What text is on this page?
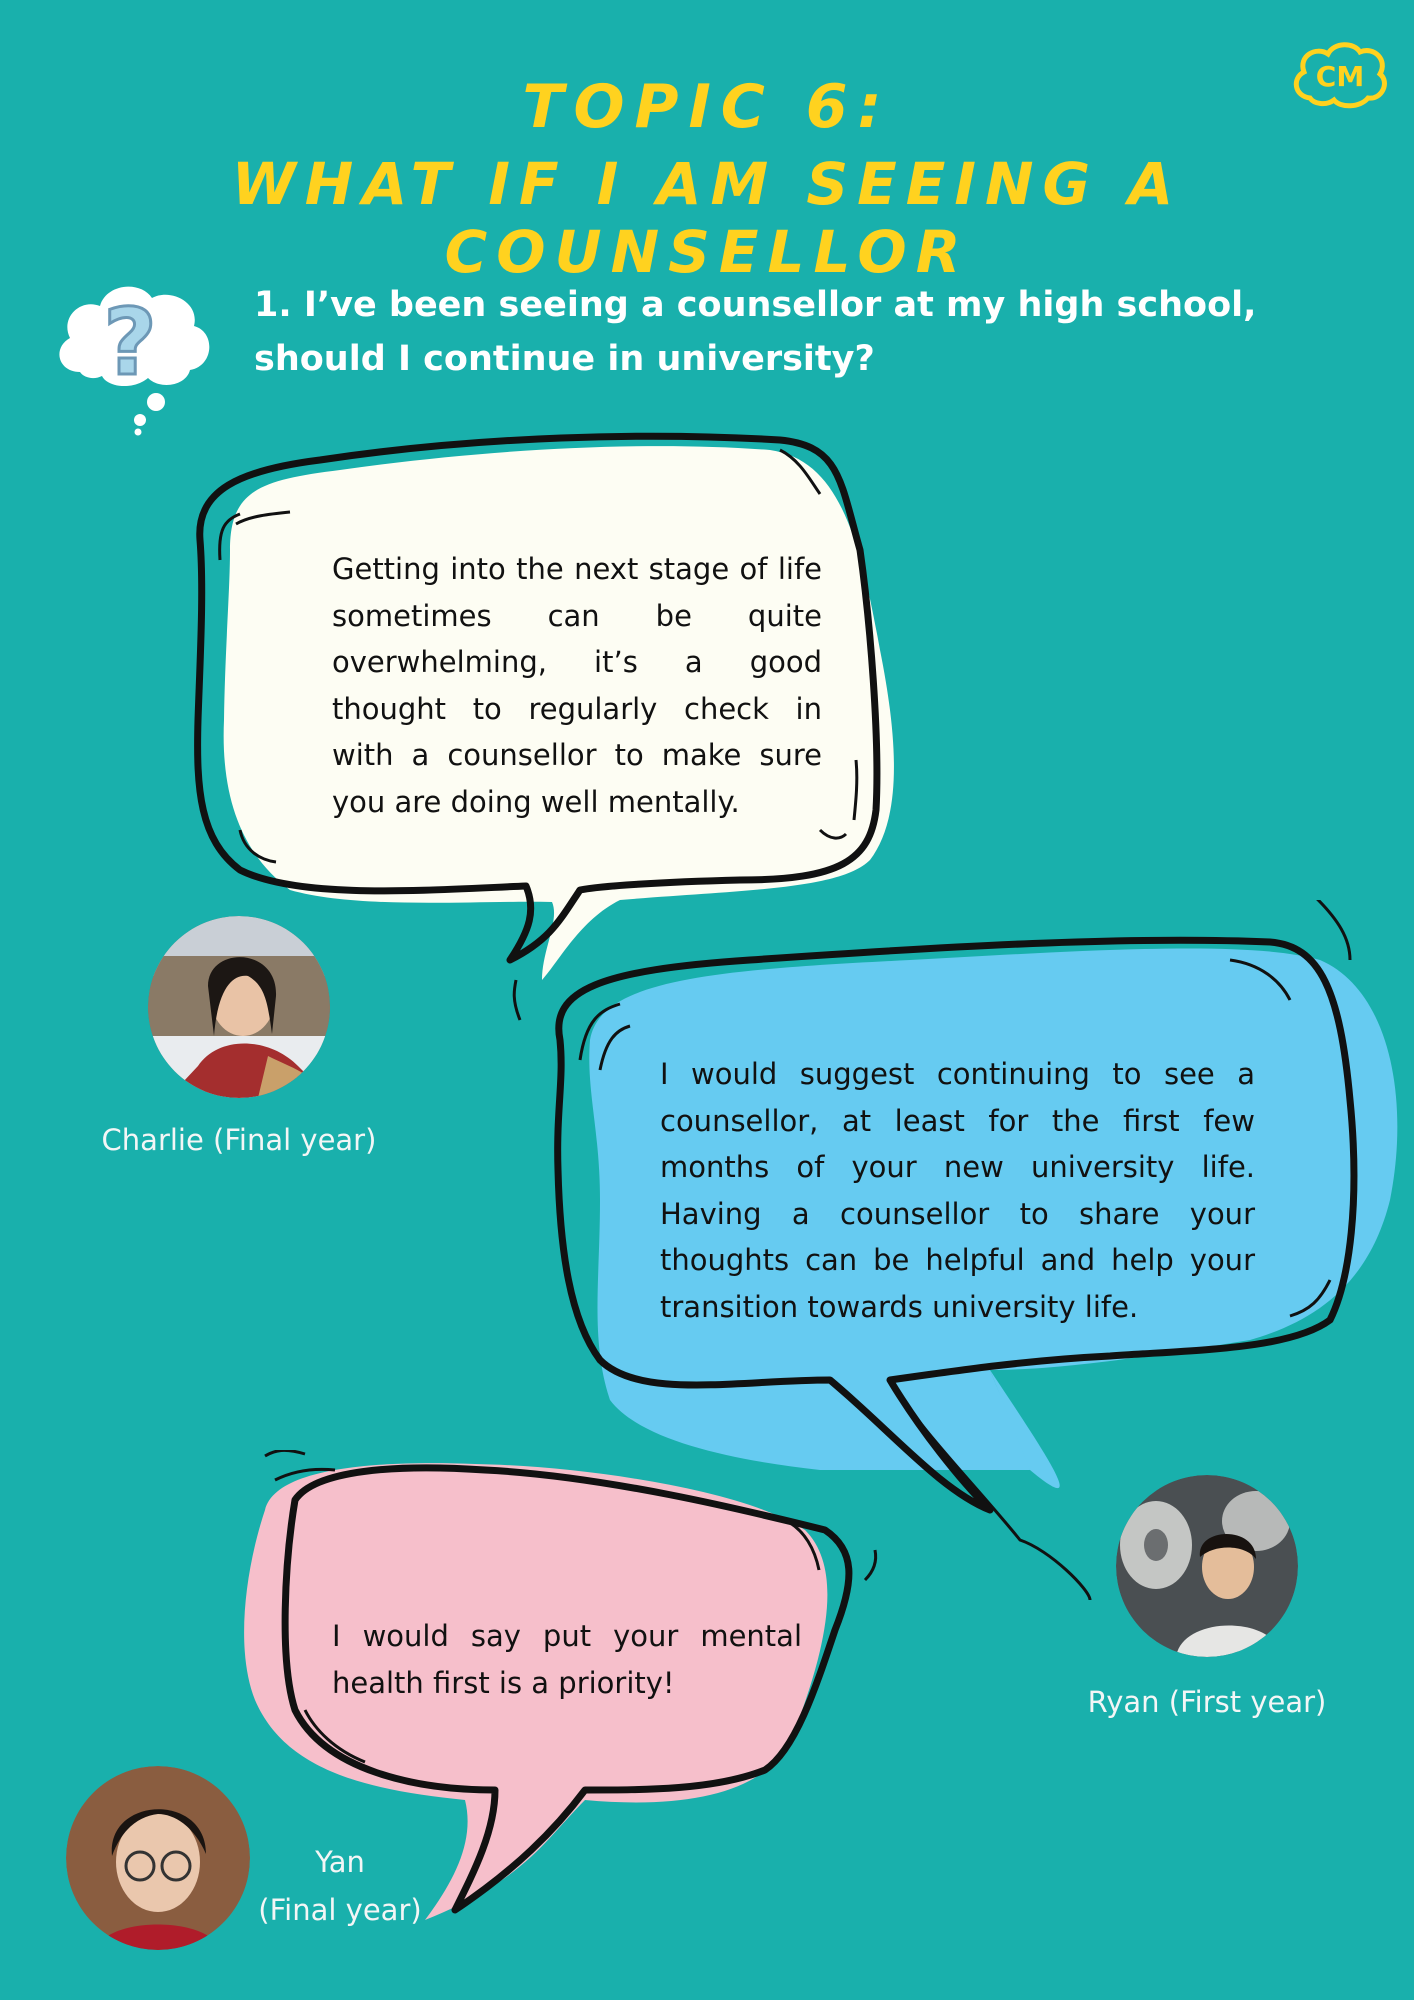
TOPIC 6:
WHAT IF I AM SEEING A COUNSELLOR
CM
?	1. I’ve been seeing a counsellor at my high school, should I continue in university?
Getting into the next stage of life sometimes can be quite overwhelming, it’s a good thought to regularly check in with a counsellor to make sure you are doing well mentally.
I would suggest continuing to see a counsellor, at least for the first few months of your new university life. Having a counsellor to share your thoughts can be helpful and help your transition towards university life.
I would say put your mental health first is a priority!
Charlie (Final year)
Ryan (First year)
Yan
(Final year)
